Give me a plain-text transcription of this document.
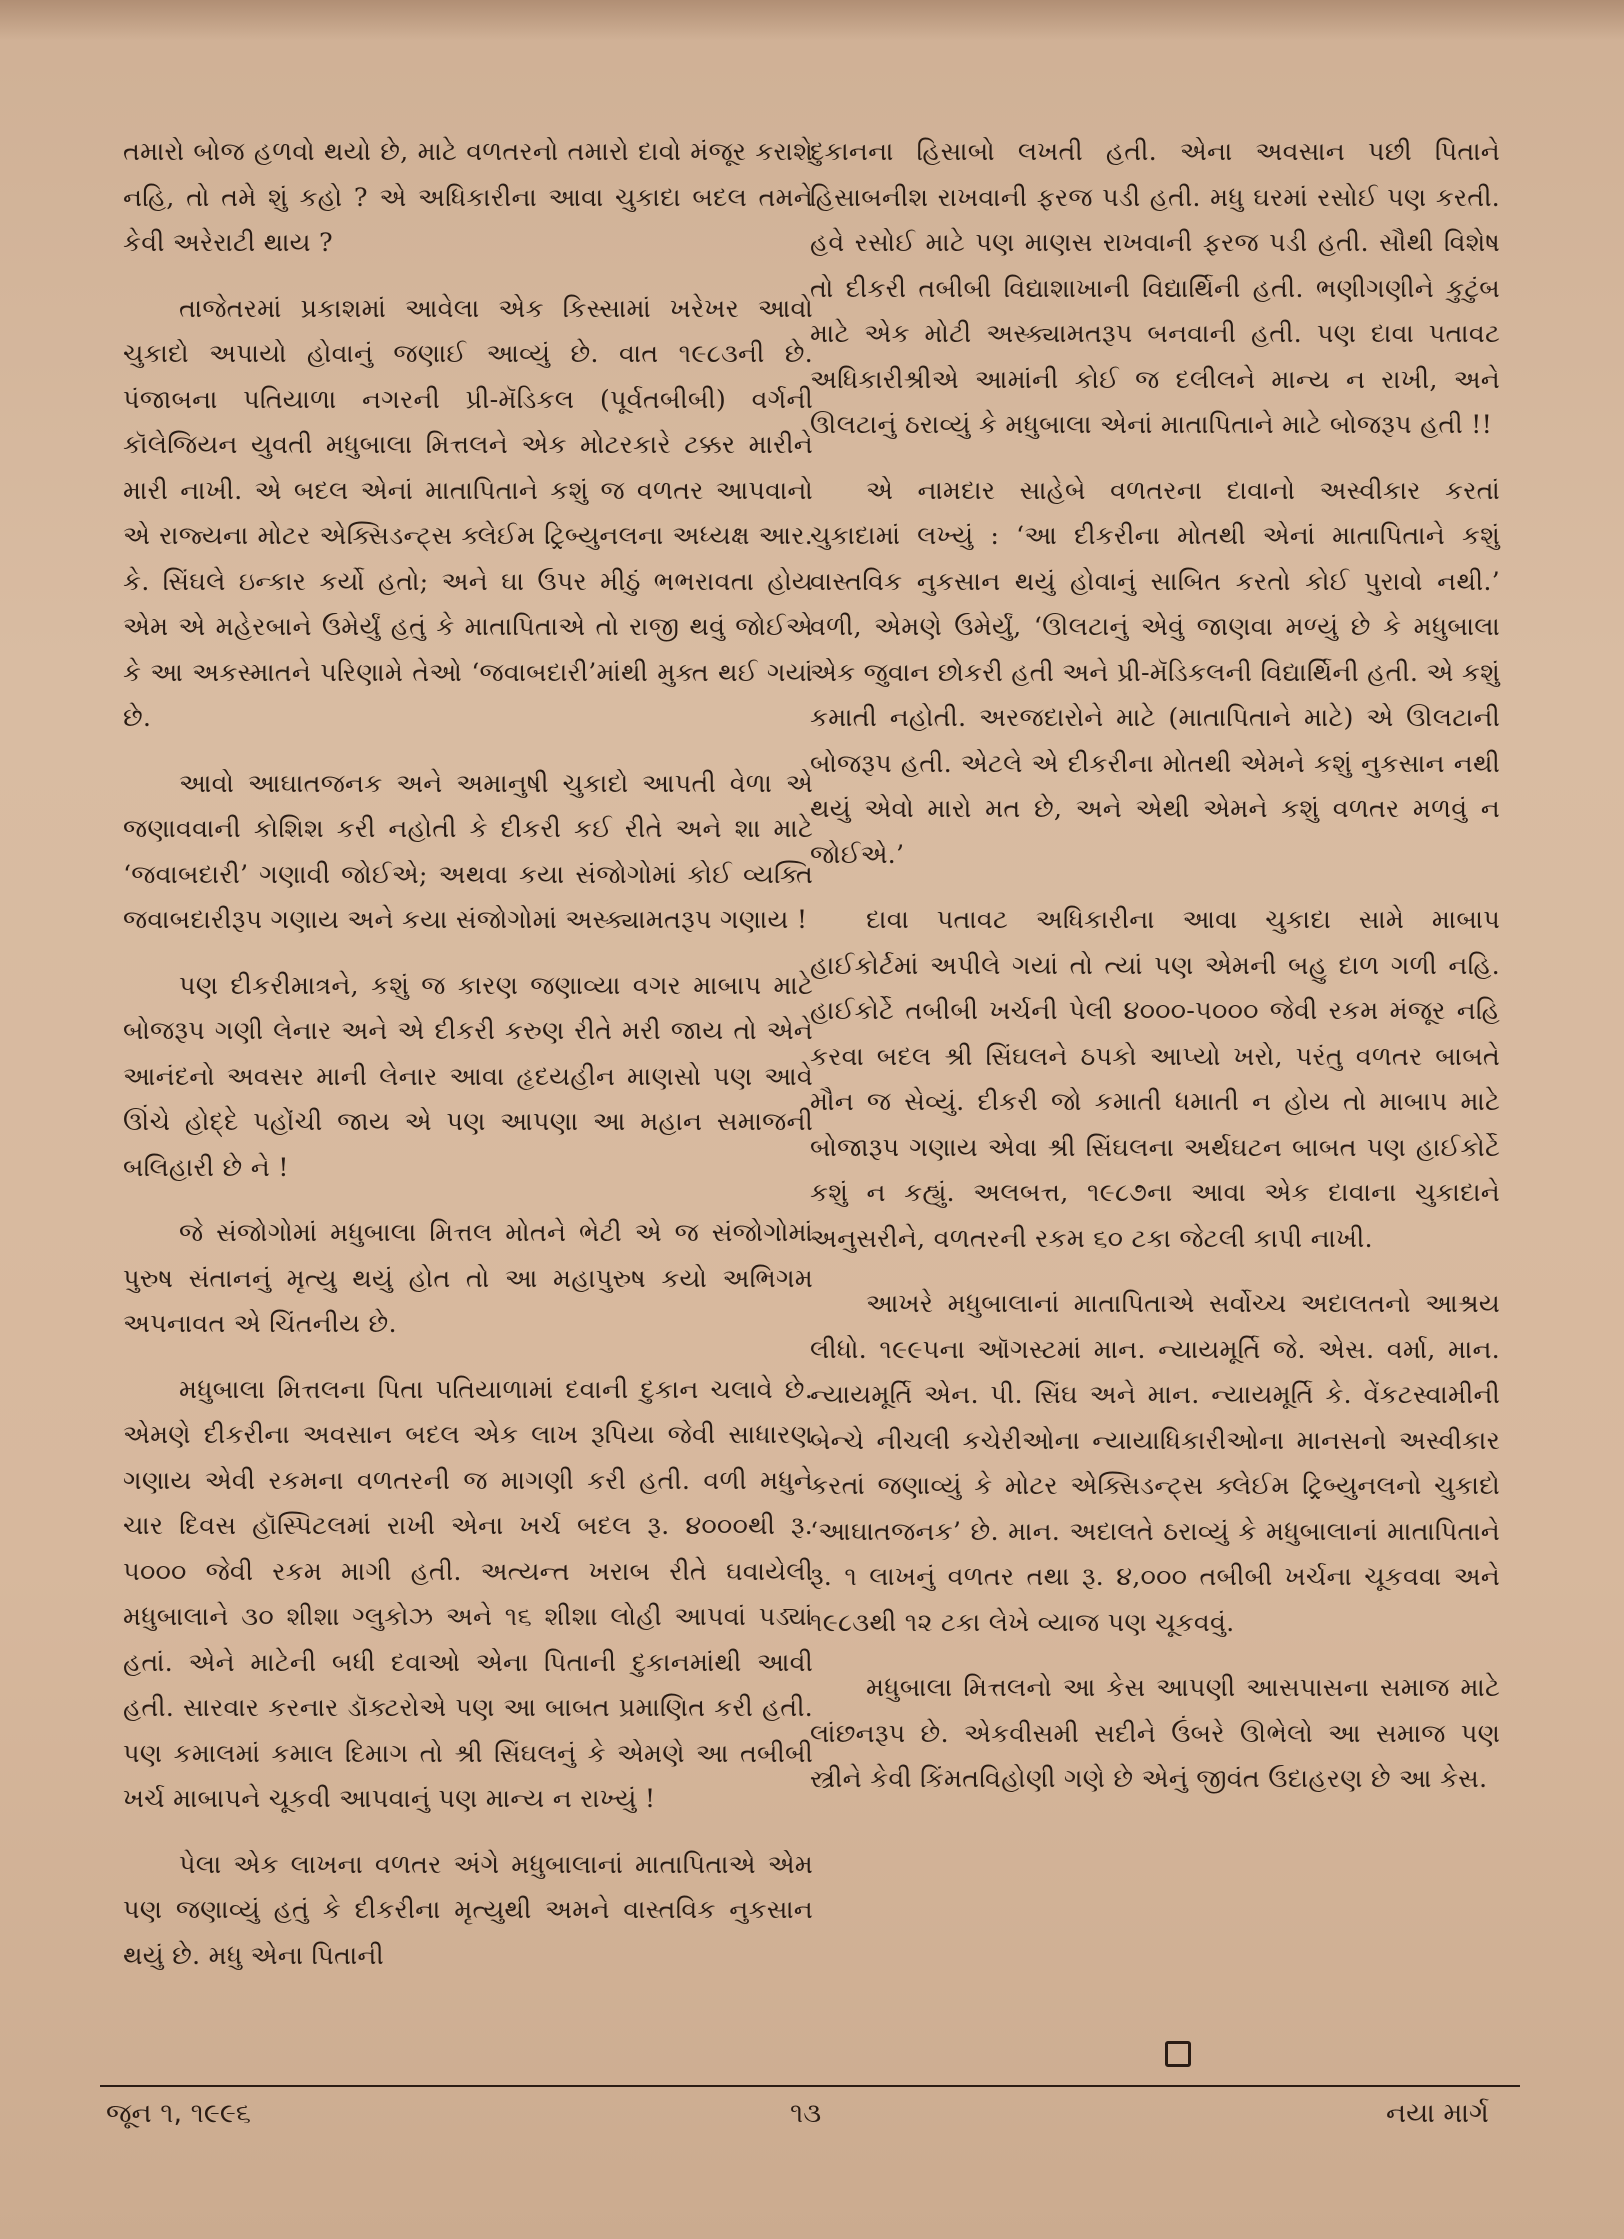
તમારો બોજ હળવો થયો છે, માટે વળતરનો તમારો દાવો મંજૂર કરાશે નહિ, તો તમે શું કહો ? એ અધિકારીના આવા ચુકાદા બદલ તમને કેવી અરેરાટી થાય ?

તાજેતરમાં પ્રકાશમાં આવેલા એક કિસ્સામાં ખરેખર આવો ચુકાદો અપાયો હોવાનું જણાઈ આવ્યું છે. વાત ૧૯૮૩ની છે. પંજાબના પતિયાળા નગરની પ્રી-મૅડિકલ (પૂર્વતબીબી) વર્ગની કૉલેજિયન યુવતી મધુબાલા મિત્તલને એક મોટરકારે ટક્કર મારીને મારી નાખી. એ બદલ એનાં માતાપિતાને કશું જ વળતર આપવાનો એ રાજ્યના મોટર એક્સિડન્ટ્સ ક્લેઈમ ટ્રિબ્યુનલના અધ્યક્ષ આર. કે. સિંઘલે ઇન્કાર કર્યો હતો; અને ઘા ઉપર મીઠું ભભરાવતા હોય એમ એ મહેરબાને ઉમેર્યું હતું કે માતાપિતાએ તો રાજી થવું જોઈએ કે આ અકસ્માતને પરિણામે તેઓ ‘જવાબદારી’માંથી મુક્ત થઈ ગયાં છે.

આવો આઘાતજનક અને અમાનુષી ચુકાદો આપતી વેળા એ જણાવવાની કોશિશ કરી નહોતી કે દીકરી કઈ રીતે અને શા માટે ‘જવાબદારી’ ગણાવી જોઈએ; અથવા કયા સંજોગોમાં કોઈ વ્યક્તિ જવાબદારીરૂપ ગણાય અને કયા સંજોગોમાં અસ્ક્યામતરૂપ ગણાય !

પણ દીકરીમાત્રને, કશું જ કારણ જણાવ્યા વગર માબાપ માટે બોજરૂપ ગણી લેનાર અને એ દીકરી કરુણ રીતે મરી જાય તો એને આનંદનો અવસર માની લેનાર આવા હૃદયહીન માણસો પણ આવે ઊંચે હોદ્દે પહોંચી જાય એ પણ આપણા આ મહાન સમાજની બલિહારી છે ને !

જે સંજોગોમાં મધુબાલા મિત્તલ મોતને ભેટી એ જ સંજોગોમાં પુરુષ સંતાનનું મૃત્યુ થયું હોત તો આ મહાપુરુષ કયો અભિગમ અપનાવત એ ચિંતનીય છે.

મધુબાલા મિત્તલના પિતા પતિયાળામાં દવાની દુકાન ચલાવે છે. એમણે દીકરીના અવસાન બદલ એક લાખ રૂપિયા જેવી સાધારણ ગણાય એવી રકમના વળતરની જ માગણી કરી હતી. વળી મધુને ચાર દિવસ હૉસ્પિટલમાં રાખી એના ખર્ચ બદલ રૂ. ૪૦૦૦થી રૂ. ૫૦૦૦ જેવી રકમ માગી હતી. અત્યન્ત ખરાબ રીતે ઘવાયેલી મધુબાલાને ૩૦ શીશા ગ્લુકોઝ અને ૧૬ શીશા લોહી આપવાં પડ્યાં હતાં. એને માટેની બધી દવાઓ એના પિતાની દુકાનમાંથી આવી હતી. સારવાર કરનાર ડૉક્ટરોએ પણ આ બાબત પ્રમાણિત કરી હતી. પણ કમાલમાં કમાલ દિમાગ તો શ્રી સિંઘલનું કે એમણે આ તબીબી ખર્ચ માબાપને ચૂકવી આપવાનું પણ માન્ય ન રાખ્યું !

પેલા એક લાખના વળતર અંગે મધુબાલાનાં માતાપિતાએ એમ પણ જણાવ્યું હતું કે દીકરીના મૃત્યુથી અમને વાસ્તવિક નુકસાન થયું છે. મધુ એના પિતાની

દુકાનના હિસાબો લખતી હતી. એના અવસાન પછી પિતાને હિસાબનીશ રાખવાની ફરજ પડી હતી. મધુ ઘરમાં રસોઈ પણ કરતી. હવે રસોઈ માટે પણ માણસ રાખવાની ફરજ પડી હતી. સૌથી વિશેષ તો દીકરી તબીબી વિદ્યાશાખાની વિદ્યાર્થિની હતી. ભણીગણીને કુટુંબ માટે એક મોટી અસ્ક્યામતરૂપ બનવાની હતી. પણ દાવા પતાવટ અધિકારીશ્રીએ આમાંની કોઈ જ દલીલને માન્ય ન રાખી, અને ઊલટાનું ઠરાવ્યું કે મધુબાલા એનાં માતાપિતાને માટે બોજરૂપ હતી !!

એ નામદાર સાહેબે વળતરના દાવાનો અસ્વીકાર કરતાં ચુકાદામાં લખ્યું : ‘આ દીકરીના મોતથી એનાં માતાપિતાને કશું વાસ્તવિક નુકસાન થયું હોવાનું સાબિત કરતો કોઈ પુરાવો નથી.’ વળી, એમણે ઉમેર્યું, ‘ઊલટાનું એવું જાણવા મળ્યું છે કે મધુબાલા એક જુવાન છોકરી હતી અને પ્રી-મૅડિકલની વિદ્યાર્થિની હતી. એ કશું કમાતી નહોતી. અરજદારોને માટે (માતાપિતાને માટે) એ ઊલટાની બોજરૂપ હતી. એટલે એ દીકરીના મોતથી એમને કશું નુકસાન નથી થયું એવો મારો મત છે, અને એથી એમને કશું વળતર મળવું ન જોઈએ.’

દાવા પતાવટ અધિકારીના આવા ચુકાદા સામે માબાપ હાઈકોર્ટમાં અપીલે ગયાં તો ત્યાં પણ એમની બહુ દાળ ગળી નહિ. હાઈકોર્ટે તબીબી ખર્ચની પેલી ૪૦૦૦-૫૦૦૦ જેવી રકમ મંજૂર નહિ કરવા બદલ શ્રી સિંઘલને ઠપકો આપ્યો ખરો, પરંતુ વળતર બાબતે મૌન જ સેવ્યું. દીકરી જો કમાતી ધમાતી ન હોય તો માબાપ માટે બોજારૂપ ગણાય એવા શ્રી સિંઘલના અર્થઘટન બાબત પણ હાઈકોર્ટે કશું ન કહ્યું. અલબત્ત, ૧૯૮૭ના આવા એક દાવાના ચુકાદાને અનુસરીને, વળતરની રકમ ૬૦ ટકા જેટલી કાપી નાખી.

આખરે મધુબાલાનાં માતાપિતાએ સર્વોચ્ચ અદાલતનો આશ્રય લીધો. ૧૯૯૫ના ઑગસ્ટમાં માન. ન્યાયમૂર્તિ જે. એસ. વર્મા, માન. ન્યાયમૂર્તિ એન. પી. સિંઘ અને માન. ન્યાયમૂર્તિ કે. વેંકટસ્વામીની બેન્ચે નીચલી કચેરીઓના ન્યાયાધિકારીઓના માનસનો અસ્વીકાર કરતાં જણાવ્યું કે મોટર એક્સિડન્ટ્સ ક્લેઈમ ટ્રિબ્યુનલનો ચુકાદો ‘આઘાતજનક’ છે. માન. અદાલતે ઠરાવ્યું કે મધુબાલાનાં માતાપિતાને રૂ. ૧ લાખનું વળતર તથા રૂ. ૪,૦૦૦ તબીબી ખર્ચના ચૂકવવા અને ૧૯૮૩થી ૧૨ ટકા લેખે વ્યાજ પણ ચૂકવવું.

મધુબાલા મિત્તલનો આ કેસ આપણી આસપાસના સમાજ માટે લાંછનરૂપ છે. એકવીસમી સદીને ઉંબરે ઊભેલો આ સમાજ પણ સ્ત્રીને કેવી કિંમતવિહોણી ગણે છે એનું જીવંત ઉદાહરણ છે આ કેસ.

જૂન ૧, ૧૯૯૬	૧૩	નયા માર્ગ
